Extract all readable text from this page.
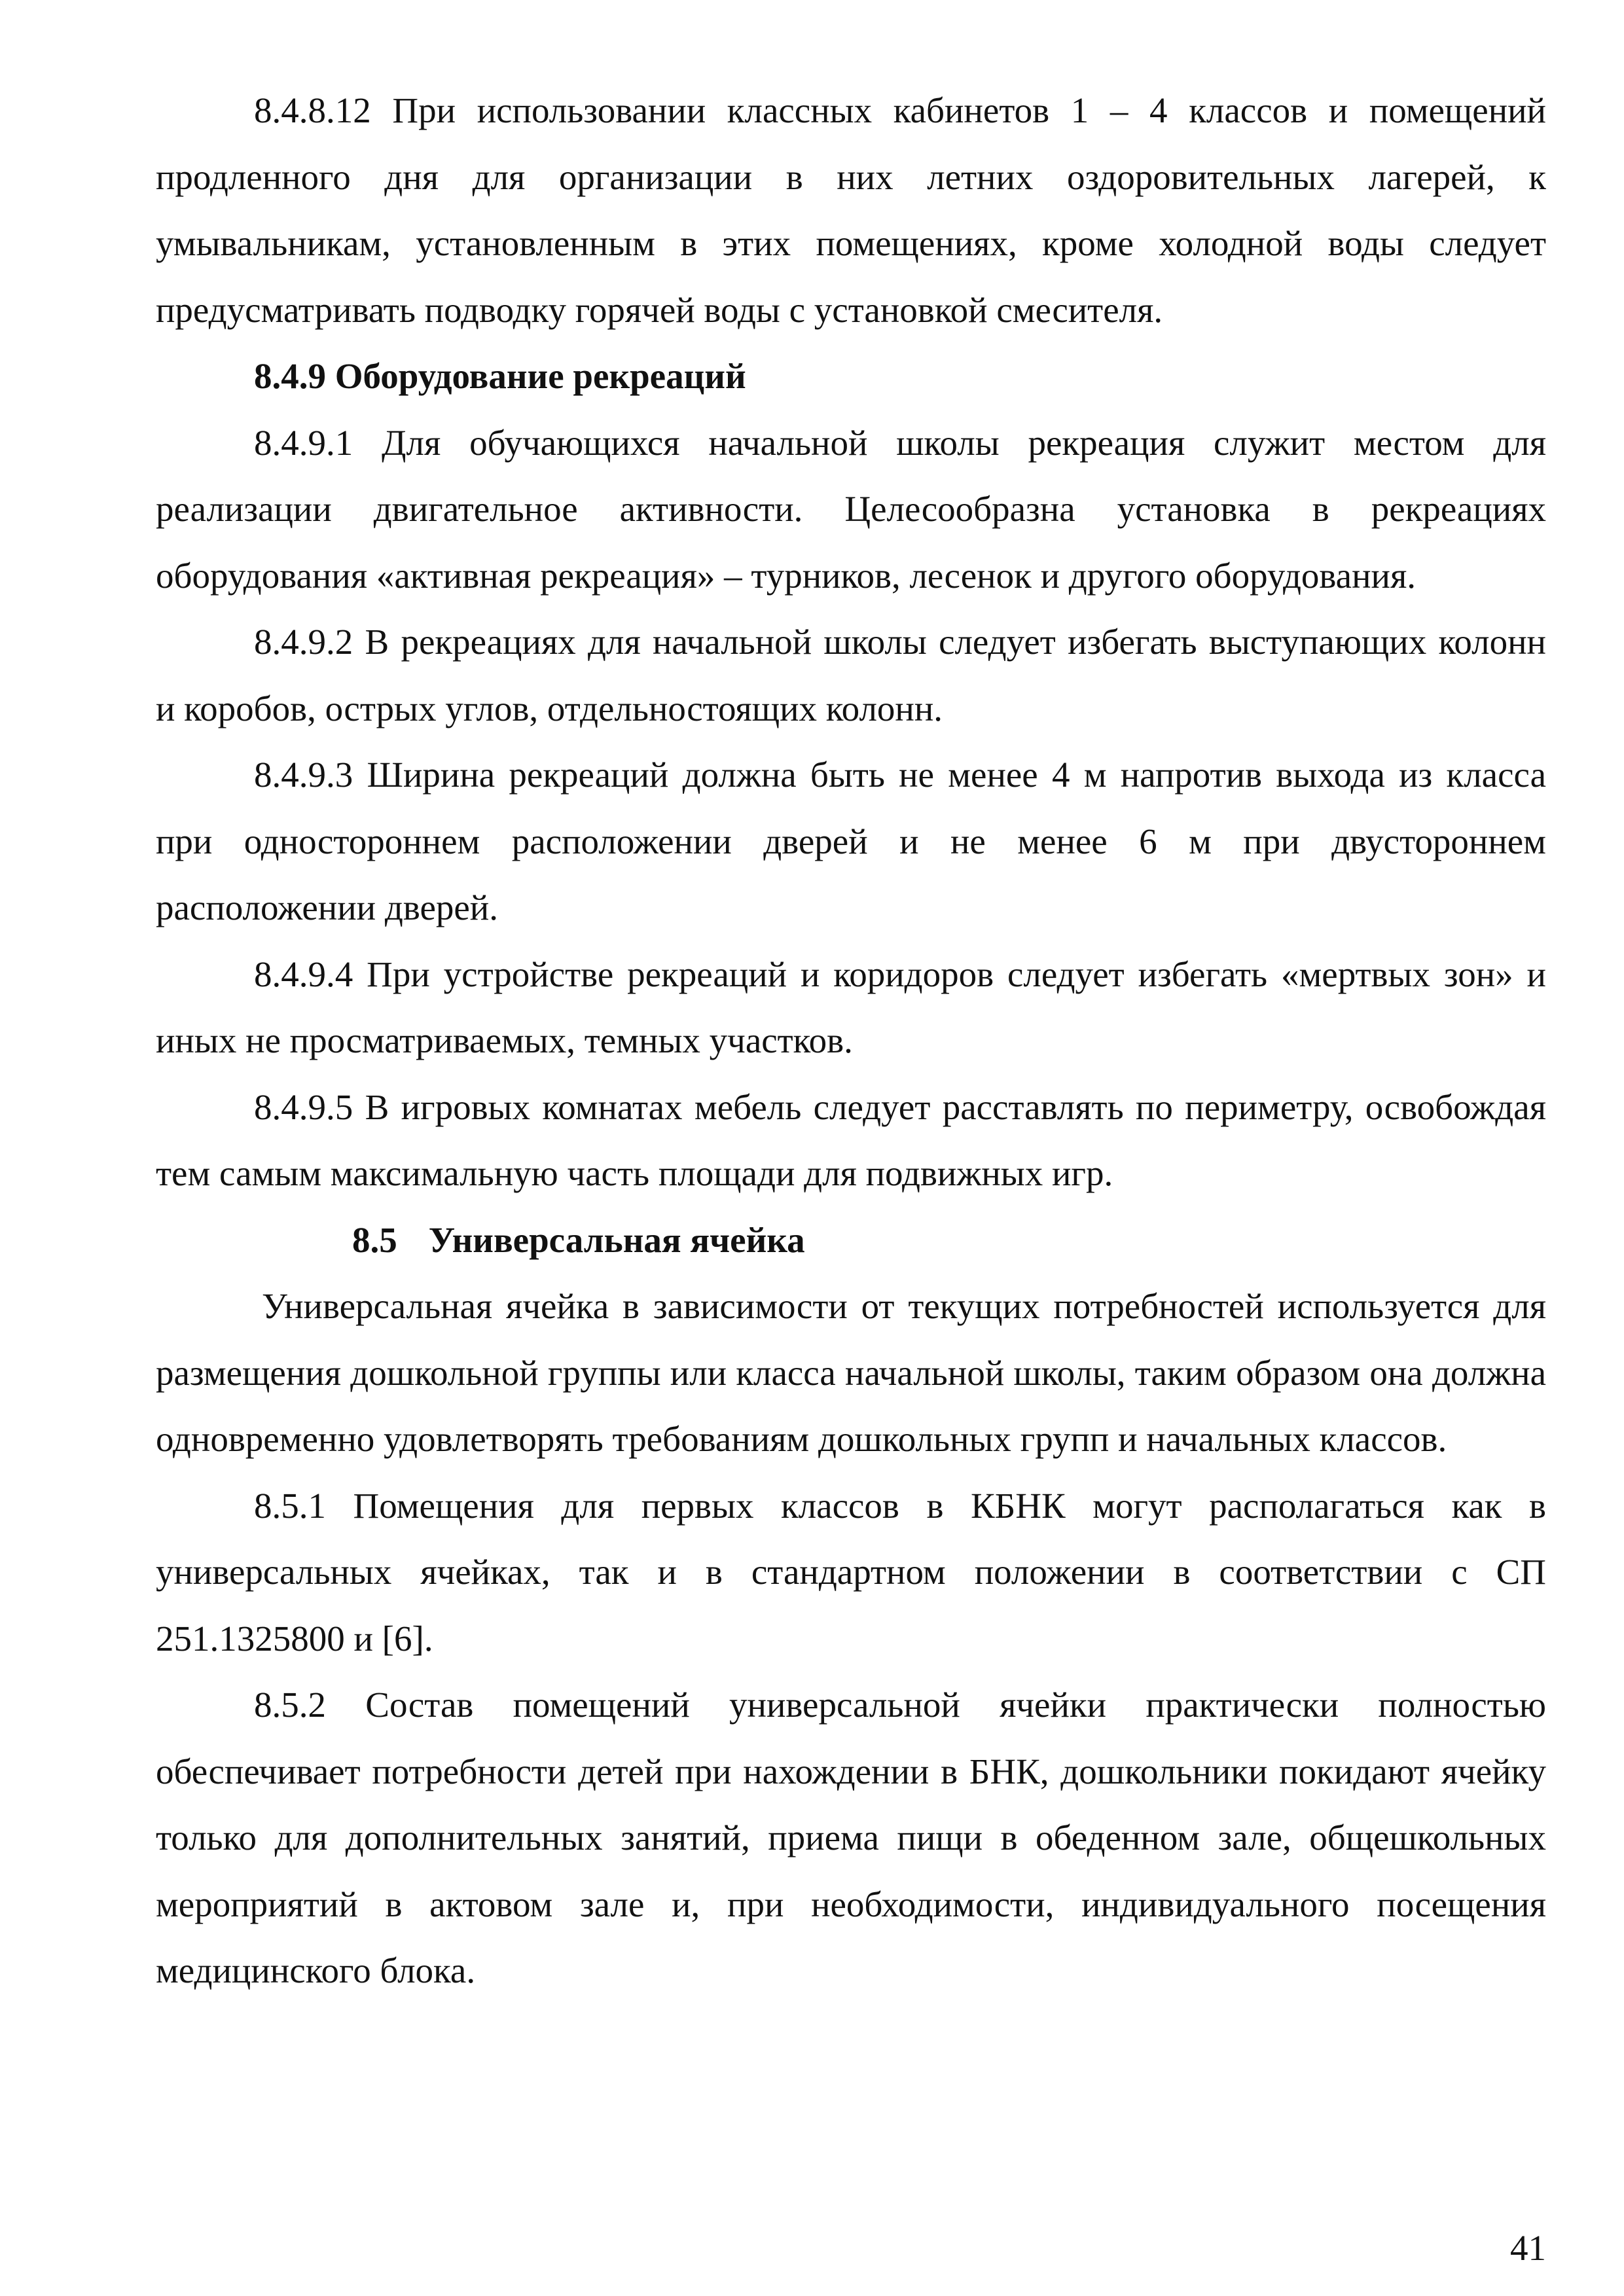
8.4.8.12 При использовании классных кабинетов 1 – 4 классов и помещений продленного дня для организации в них летних оздоровительных лагерей, к умывальникам, установленным в этих помещениях, кроме холодной воды следует предусматривать подводку горячей воды с установкой смесителя.

8.4.9 Оборудование рекреаций

8.4.9.1 Для обучающихся начальной школы рекреация служит местом для реализации двигательное активности. Целесообразна установка в рекреациях оборудования «активная рекреация» – турников, лесенок и другого оборудования.

8.4.9.2 В рекреациях для начальной школы следует избегать выступающих колонн и коробов, острых углов, отдельностоящих колонн.

8.4.9.3 Ширина рекреаций должна быть не менее 4 м напротив выхода из класса при одностороннем расположении дверей и не менее 6 м при двустороннем расположении дверей.

8.4.9.4 При устройстве рекреаций и коридоров следует избегать «мертвых зон» и иных не просматриваемых, темных участков.

8.4.9.5 В игровых комнатах мебель следует расставлять по периметру, освобождая тем самым максимальную часть площади для подвижных игр.

8.5 Универсальная ячейка

Универсальная ячейка в зависимости от текущих потребностей используется для размещения дошкольной группы или класса начальной школы, таким образом она должна одновременно удовлетворять требованиям дошкольных групп и начальных классов.

8.5.1 Помещения для первых классов в КБНК могут располагаться как в универсальных ячейках, так и в стандартном положении в соответствии с СП 251.1325800 и [6].

8.5.2 Состав помещений универсальной ячейки практически полностью обеспечивает потребности детей при нахождении в БНК, дошкольники покидают ячейку только для дополнительных занятий, приема пищи в обеденном зале, общешкольных мероприятий в актовом зале и, при необходимости, индивидуального посещения медицинского блока.

41
